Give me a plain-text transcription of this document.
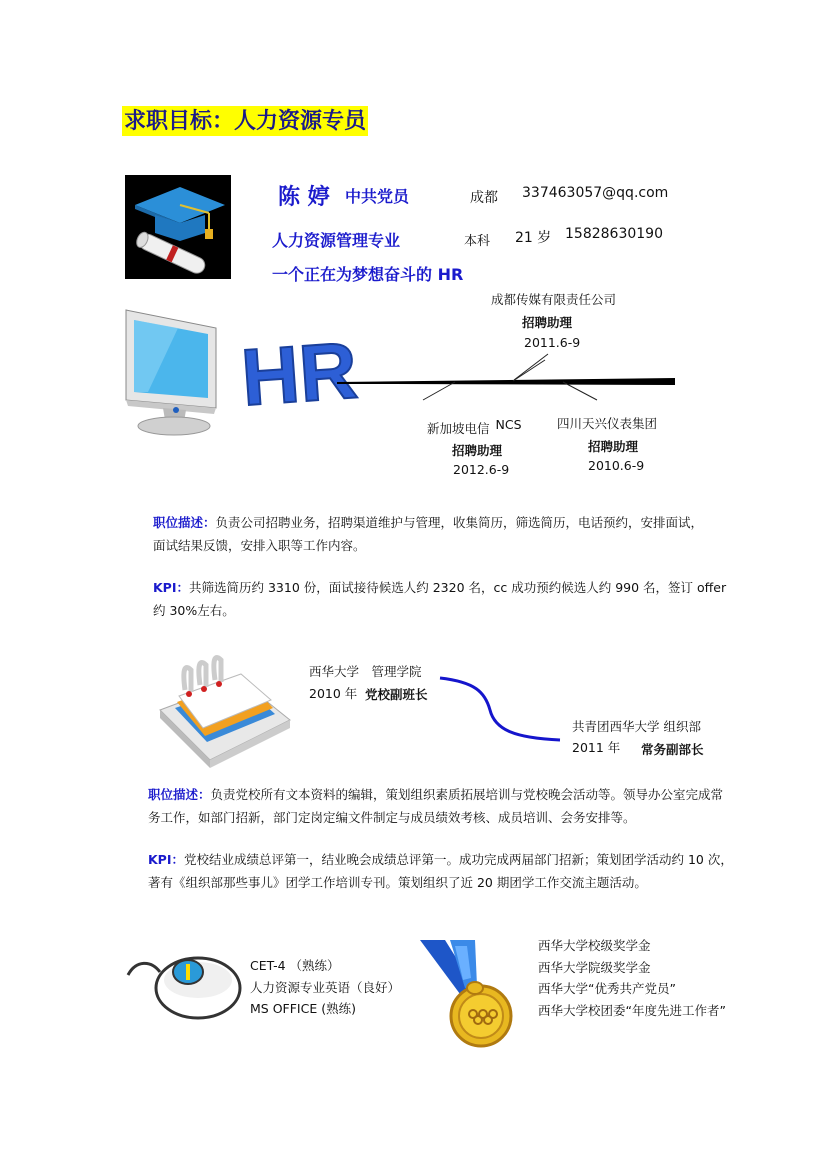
求职目标：人力资源专员
陈 婷 中共党员	成都 337463057@qq.com
人力资源管理专业	本科 21 岁 15828630190
一个正在为梦想奋斗的 HR
HR
成都传媒有限责任公司
招聘助理
2011.6-9
新加坡电信 NCS
招聘助理
2012.6-9
四川天兴仪表集团
招聘助理
2010.6-9
职位描述：负责公司招聘业务，招聘渠道维护与管理，收集简历，筛选简历，电话预约，安排面试，
面试结果反馈，安排入职等工作内容。
KPI：共筛选简历约 3310 份，面试接待候选人约 2320 名，cc 成功预约候选人约 990 名，签订 offer
约 30%左右。
西华大学　管理学院
2010 年 党校副班长
共青团西华大学 组织部
2011 年 常务副部长
职位描述：负责党校所有文本资料的编辑，策划组织素质拓展培训与党校晚会活动等。领导办公室完成常
务工作，如部门招新，部门定岗定编文件制定与成员绩效考核、成员培训、会务安排等。
KPI：党校结业成绩总评第一，结业晚会成绩总评第一。成功完成两届部门招新；策划团学活动约 10 次，
著有《组织部那些事儿》团学工作培训专刊。策划组织了近 20 期团学工作交流主题活动。
CET-4 （熟练）
人力资源专业英语（良好）
MS OFFICE (熟练)
西华大学校级奖学金
西华大学院级奖学金
西华大学“优秀共产党员”
西华大学校团委“年度先进工作者”
